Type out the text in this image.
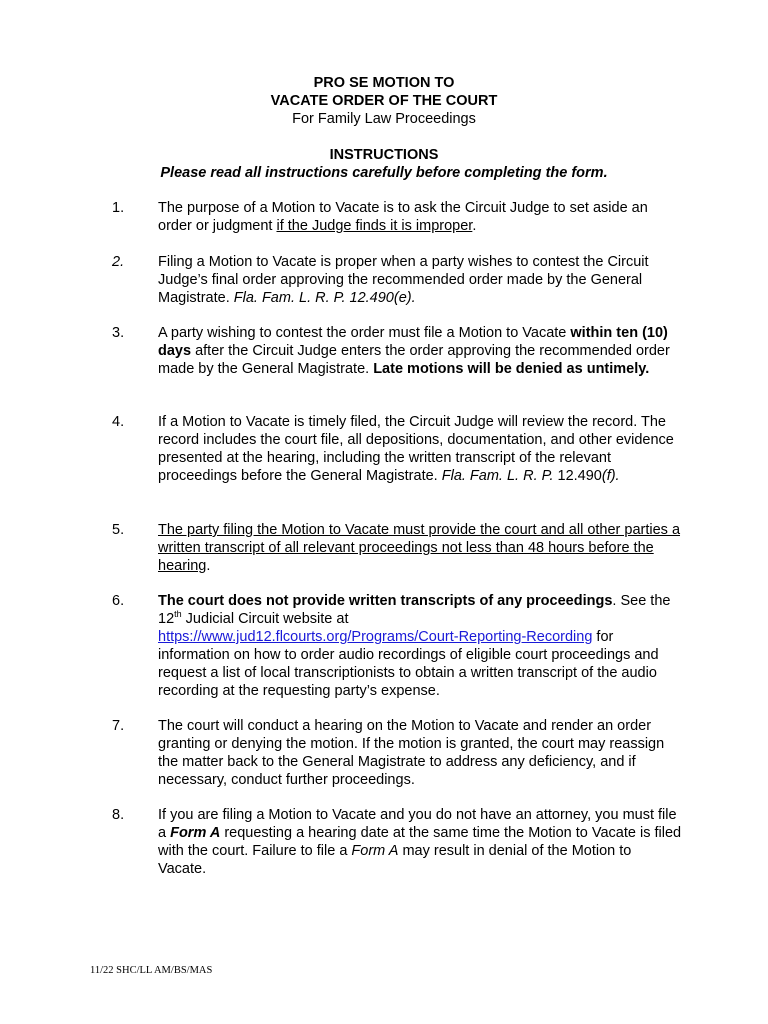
PRO SE MOTION TO
VACATE ORDER OF THE COURT
For Family Law Proceedings
INSTRUCTIONS
Please read all instructions carefully before completing the form.
1.	The purpose of a Motion to Vacate is to ask the Circuit Judge to set aside an order or judgment if the Judge finds it is improper.
2.	Filing a Motion to Vacate is proper when a party wishes to contest the Circuit Judge’s final order approving the recommended order made by the General Magistrate. Fla. Fam. L. R. P. 12.490(e).
3.	A party wishing to contest the order must file a Motion to Vacate within ten (10) days after the Circuit Judge enters the order approving the recommended order made by the General Magistrate. Late motions will be denied as untimely.
4.	If a Motion to Vacate is timely filed, the Circuit Judge will review the record. The record includes the court file, all depositions, documentation, and other evidence presented at the hearing, including the written transcript of the relevant proceedings before the General Magistrate. Fla. Fam. L. R. P. 12.490(f).
5.	The party filing the Motion to Vacate must provide the court and all other parties a written transcript of all relevant proceedings not less than 48 hours before the hearing.
6.	The court does not provide written transcripts of any proceedings. See the 12th Judicial Circuit website at
https://www.jud12.flcourts.org/Programs/Court-Reporting-Recording for information on how to order audio recordings of eligible court proceedings and request a list of local transcriptionists to obtain a written transcript of the audio recording at the requesting party’s expense.
7.	The court will conduct a hearing on the Motion to Vacate and render an order granting or denying the motion. If the motion is granted, the court may reassign the matter back to the General Magistrate to address any deficiency, and if necessary, conduct further proceedings.
8.	If you are filing a Motion to Vacate and you do not have an attorney, you must file a Form A requesting a hearing date at the same time the Motion to Vacate is filed with the court. Failure to file a Form A may result in denial of the Motion to Vacate.
11/22 SHC/LL AM/BS/MAS
